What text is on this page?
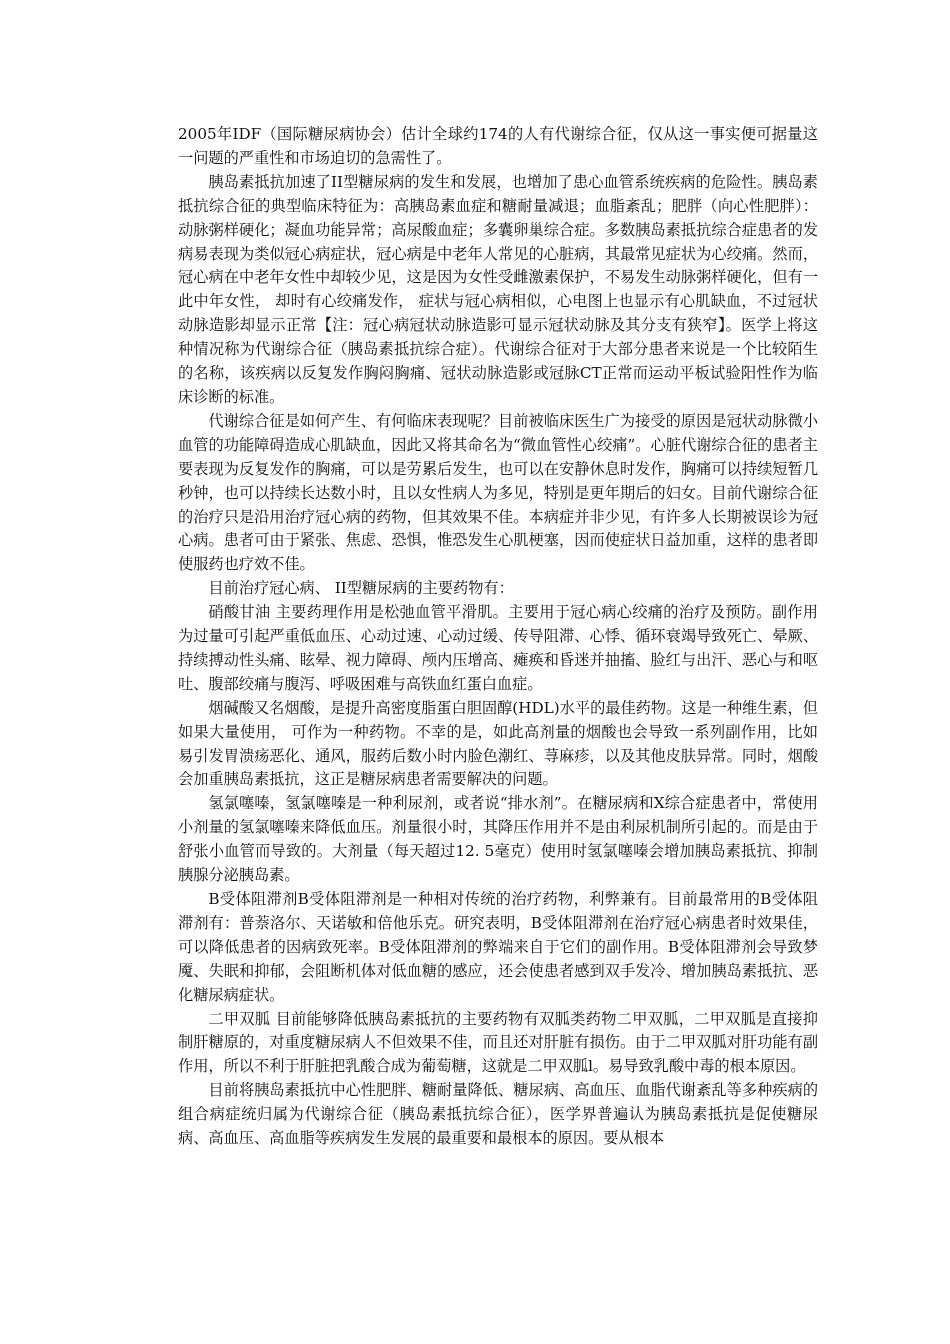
2005年IDF（国际糖尿病协会）估计全球约174的人有代谢综合征，仅从这一事实便可据量这一问题的严重性和市场迫切的急需性了。

胰岛素抵抗加速了II型糖尿病的发生和发展，也增加了患心血管系统疾病的危险性。胰岛素抵抗综合征的典型临床特征为：高胰岛素血症和糖耐量减退；血脂紊乱；肥胖（向心性肥胖）：动脉粥样硬化；凝血功能异常；高尿酸血症；多囊卵巢综合症。多数胰岛素抵抗综合症患者的发病易表现为类似冠心病症状，冠心病是中老年人常见的心脏病，其最常见症状为心绞痛。然而，冠心病在中老年女性中却较少见，这是因为女性受雌激素保护，不易发生动脉粥样硬化，但有一此中年女性， 却时有心绞痛发作， 症状与冠心病相似，心电图上也显示有心肌缺血，不过冠状动脉造影却显示正常【注：冠心病冠状动脉造影可显示冠状动脉及其分支有狭窄】。医学上将这种情况称为代谢综合征（胰岛素抵抗综合症）。代谢综合征对于大部分患者来说是一个比较陌生的名称，该疾病以反复发作胸闷胸痛、冠状动脉造影或冠脉CT正常而运动平板试验阳性作为临床诊断的标准。

代谢综合征是如何产生、有何临床表现呢？目前被临床医生广为接受的原因是冠状动脉微小血管的功能障碍造成心肌缺血，因此又将其命名为“微血管性心绞痛”。心脏代谢综合征的患者主要表现为反复发作的胸痛，可以是劳累后发生，也可以在安静休息时发作，胸痛可以持续短暂几秒钟，也可以持续长达数小时，且以女性病人为多见，特别是更年期后的妇女。目前代谢综合征的治疗只是沿用治疗冠心病的药物，但其效果不佳。本病症并非少见，有许多人长期被误诊为冠心病。患者可由于紧张、焦虑、恐惧，惟恐发生心肌梗塞，因而使症状日益加重，这样的患者即使服药也疗效不佳。

目前治疗冠心病、 II型糖尿病的主要药物有：

硝酸甘油 主要药理作用是松弛血管平滑肌。主要用于冠心病心绞痛的治疗及预防。副作用为过量可引起严重低血压、心动过速、心动过缓、传导阻滞、心悸、循环衰竭导致死亡、晕厥、持续搏动性头痛、眩晕、视力障碍、颅内压增高、瘫痪和昏迷并抽搐、脸红与出汗、恶心与和呕吐、腹部绞痛与腹泻、呼吸困难与高铁血红蛋白血症。

烟碱酸又名烟酸，是提升高密度脂蛋白胆固醇(HDL)水平的最佳药物。这是一种维生素，但如果大量使用， 可作为一种药物。不幸的是，如此高剂量的烟酸也会导致一系列副作用，比如易引发胃溃疡恶化、通风，服药后数小时内脸色潮红、荨麻疹，以及其他皮肤异常。同时，烟酸会加重胰岛素抵抗，这正是糖尿病患者需要解决的问题。

氢氯噻嗪，氢氯噻嗪是一种利尿剂，或者说“排水剂”。在糖尿病和X综合症患者中，常使用小剂量的氢氯噻嗪来降低血压。剂量很小时，其降压作用并不是由利尿机制所引起的。而是由于舒张小血管而导致的。大剂量（每天超过12. 5毫克）使用时氢氯噻嗪会增加胰岛素抵抗、抑制胰腺分泌胰岛素。

B受体阻滞剂B受体阻滞剂是一种相对传统的治疗药物，利弊兼有。目前最常用的B受体阻滞剂有：普萘洛尔、天诺敏和倍他乐克。研究表明，B受体阻滞剂在治疗冠心病患者时效果佳，可以降低患者的因病致死率。B受体阻滞剂的弊端来自于它们的副作用。B受体阻滞剂会导致梦魇、失眠和抑郁，会阻断机体对低血糖的感应，还会使患者感到双手发冷、增加胰岛素抵抗、恶化糖尿病症状。

二甲双胍 目前能够降低胰岛素抵抗的主要药物有双胍类药物二甲双胍，二甲双胍是直接抑制肝糖原的，对重度糖尿病人不但效果不佳，而且还对肝脏有损伤。由于二甲双胍对肝功能有副作用，所以不利于肝脏把乳酸合成为葡萄糖，这就是二甲双胍l。易导致乳酸中毒的根本原因。

目前将胰岛素抵抗中心性肥胖、糖耐量降低、糖尿病、高血压、血脂代谢紊乱等多种疾病的组合病症统归属为代谢综合征（胰岛素抵抗综合征），医学界普遍认为胰岛素抵抗是促使糖尿病、高血压、高血脂等疾病发生发展的最重要和最根本的原因。要从根本
